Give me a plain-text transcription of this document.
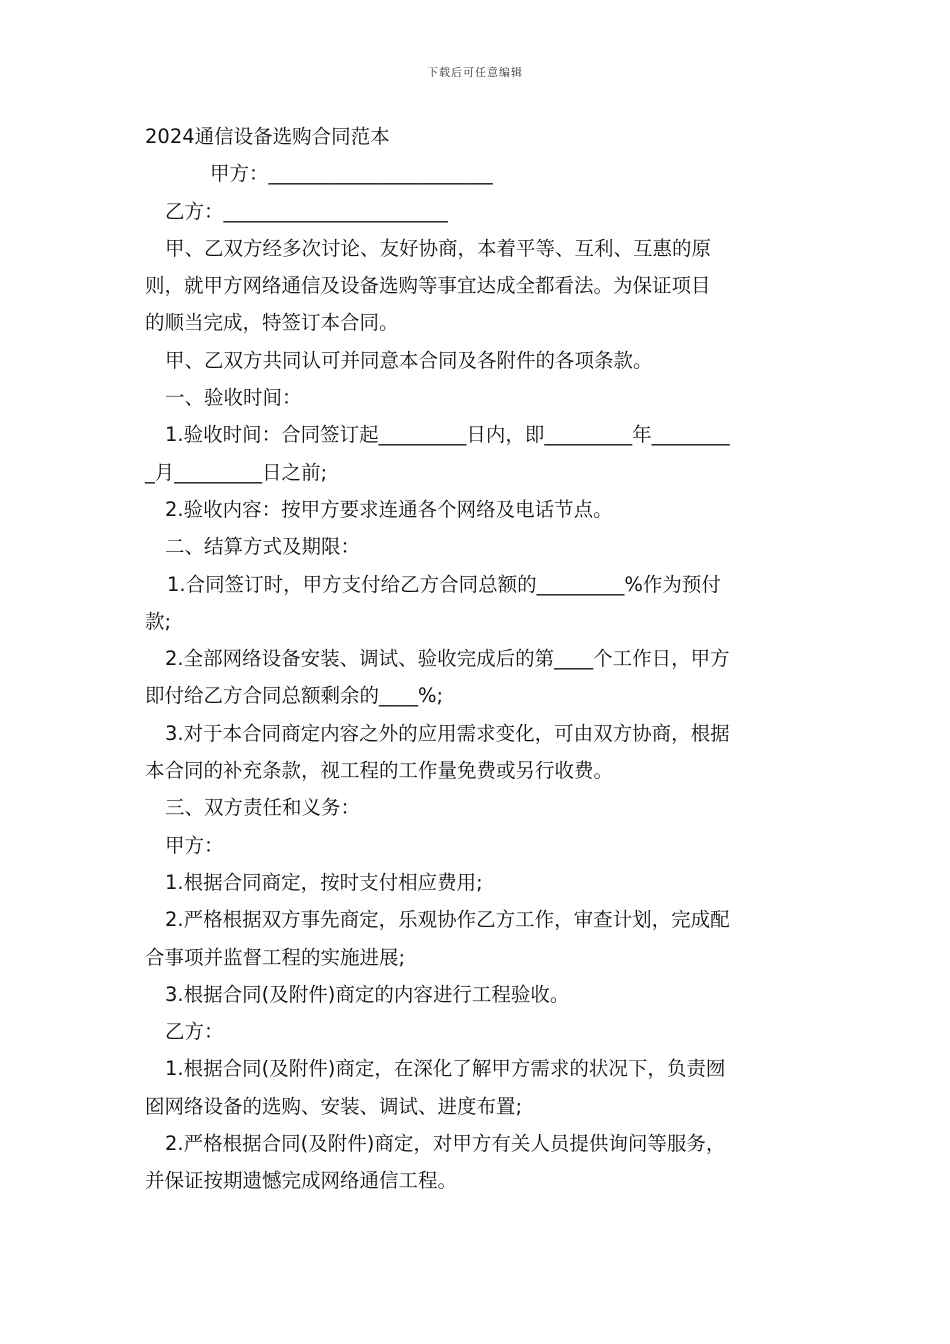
下载后可任意编辑

2024通信设备选购合同范本

甲方：_______________________

乙方：_______________________

甲、乙双方经多次讨论、友好协商，本着平等、互利、互惠的原

则，就甲方网络通信及设备选购等事宜达成全都看法。为保证项目

的顺当完成，特签订本合同。

甲、乙双方共同认可并同意本合同及各附件的各项条款。

一、验收时间：

1.验收时间：合同签订起_________日内，即_________年________

_月_________日之前;

2.验收内容：按甲方要求连通各个网络及电话节点。

二、结算方式及期限：

1.合同签订时，甲方支付给乙方合同总额的_________%作为预付

款;

2.全部网络设备安装、调试、验收完成后的第____个工作日，甲方

即付给乙方合同总额剩余的____%;

3.对于本合同商定内容之外的应用需求变化，可由双方协商，根据

本合同的补充条款，视工程的工作量免费或另行收费。

三、双方责任和义务：

甲方：

1.根据合同商定，按时支付相应费用;

2.严格根据双方事先商定，乐观协作乙方工作，审查计划，完成配

合事项并监督工程的实施进展;

3.根据合同(及附件)商定的内容进行工程验收。

乙方：

1.根据合同(及附件)商定，在深化了解甲方需求的状况下，负责囫

囵网络设备的选购、安装、调试、进度布置;

2.严格根据合同(及附件)商定，对甲方有关人员提供询问等服务，

并保证按期遗憾完成网络通信工程。
